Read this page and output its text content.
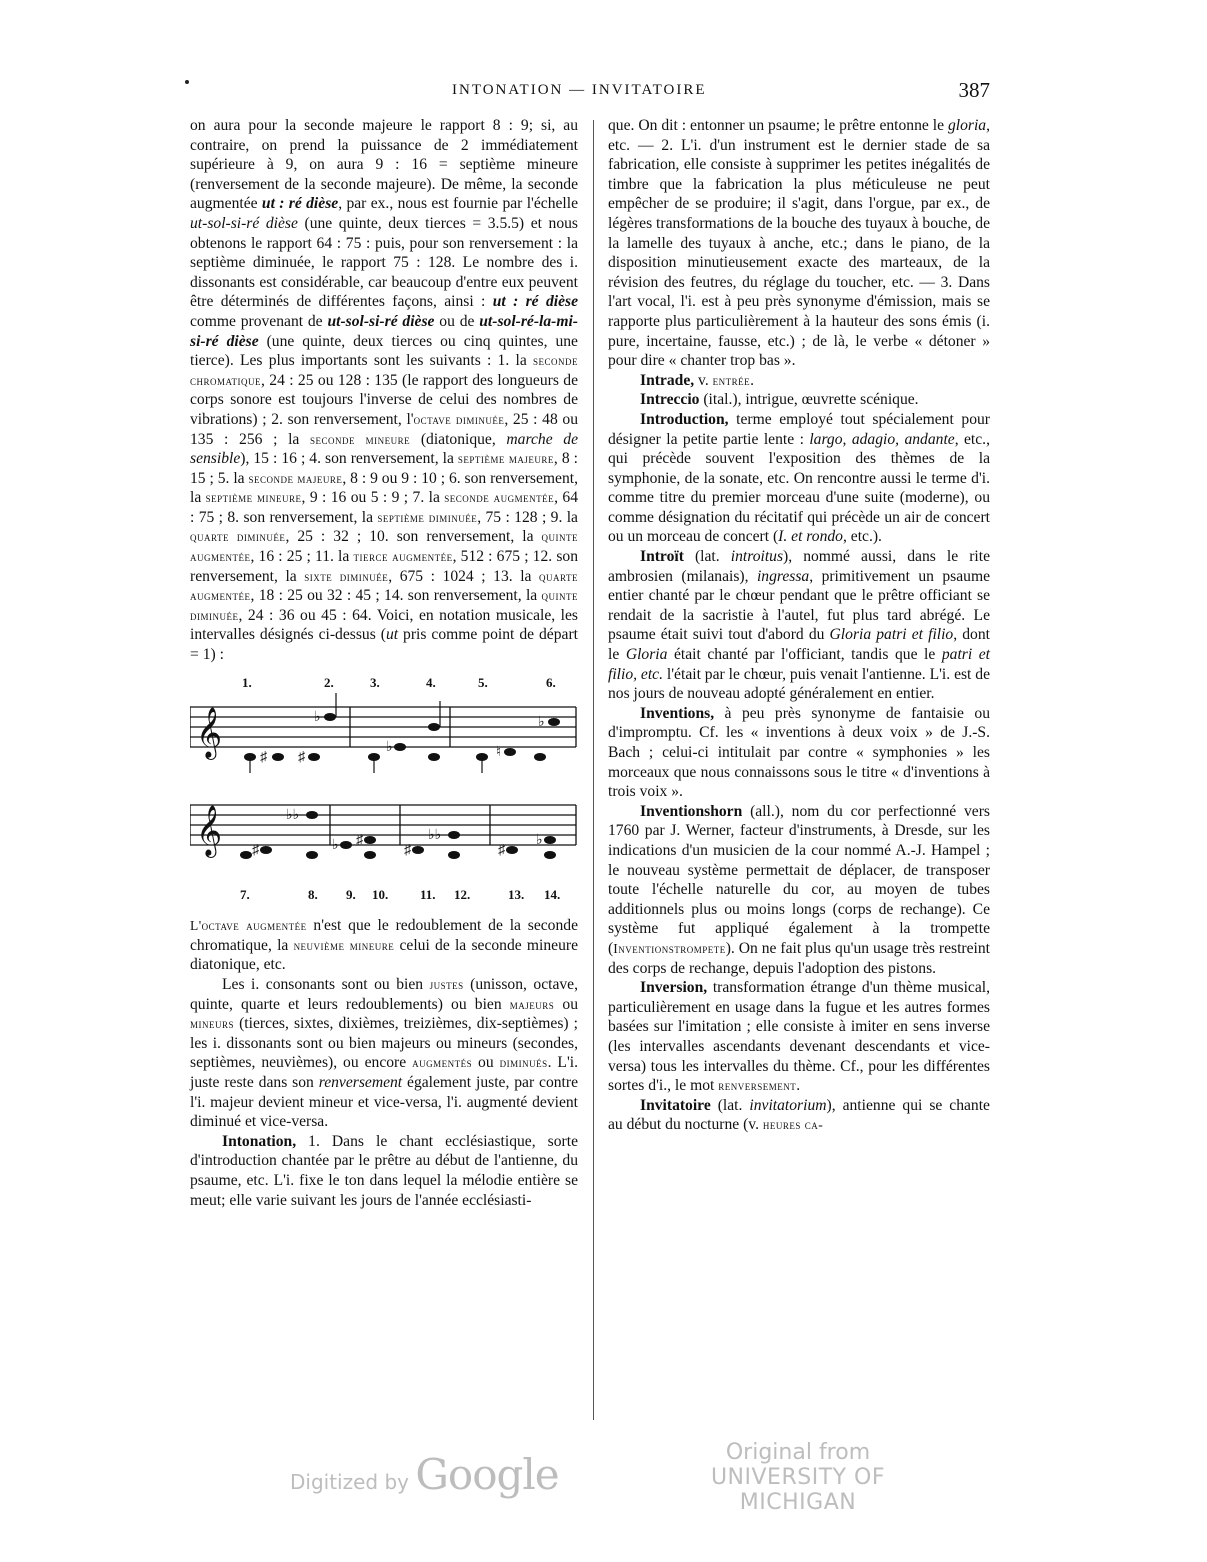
INTONATION — INVITATOIRE	387

on aura pour la seconde majeure le rapport 8 : 9; si, au contraire, on prend la puissance de 2 immédiatement supérieure à 9, on aura 9 : 16 = septième mineure (renversement de la seconde majeure). De même, la seconde augmentée ut : ré dièse, par ex., nous est fournie par l'échelle ut-sol-si-ré dièse (une quinte, deux tierces = 3.5.5) et nous obtenons le rapport 64 : 75 : puis, pour son renversement : la septième diminuée, le rapport 75 : 128. Le nombre des i. dissonants est considérable, car beaucoup d'entre eux peuvent être déterminés de différentes façons, ainsi : ut : ré dièse comme provenant de ut-sol-si-ré dièse ou de ut-sol-ré-la-mi-si-ré dièse (une quinte, deux tierces ou cinq quintes, une tierce). Les plus importants sont les suivants : 1. la seconde chromatique, 24 : 25 ou 128 : 135 (le rapport des longueurs de corps sonore est toujours l'inverse de celui des nombres de vibrations) ; 2. son renversement, l'octave diminuée, 25 : 48 ou 135 : 256 ; la seconde mineure (diatonique, marche de sensible), 15 : 16 ; 4. son renversement, la septième majeure, 8 : 15 ; 5. la seconde majeure, 8 : 9 ou 9 : 10 ; 6. son renversement, la septième mineure, 9 : 16 ou 5 : 9 ; 7. la seconde augmentée, 64 : 75 ; 8. son renversement, la septième diminuée, 75 : 128 ; 9. la quarte diminuée, 25 : 32 ; 10. son renversement, la quinte augmentée, 16 : 25 ; 11. la tierce augmentée, 512 : 675 ; 12. son renversement, la sixte diminuée, 675 : 1024 ; 13. la quarte augmentée, 18 : 25 ou 32 : 45 ; 14. son renversement, la quinte diminuée, 24 : 36 ou 45 : 64. Voici, en notation musicale, les intervalles désignés ci-dessus (ut pris comme point de départ = 1) :

1.	2.	3.	4.	5.	6.
𝄞	♯ ♯
♭
♭	♮
♭
𝄞 ♯
♭♭
♭ ♯
♯
♭♭
♯
♭
7.	8. 9. 10. 11. 12.	13. 14.

L'octave augmentée n'est que le redoublement de la seconde chromatique, la neuvième mineure celui de la seconde mineure diatonique, etc.

Les i. consonants sont ou bien justes (unisson, octave, quinte, quarte et leurs redoublements) ou bien majeurs ou mineurs (tierces, sixtes, dixièmes, treizièmes, dix-septièmes) ; les i. dissonants sont ou bien majeurs ou mineurs (secondes, septièmes, neuvièmes), ou encore augmentés ou diminués. L'i. juste reste dans son renversement également juste, par contre l'i. majeur devient mineur et vice-versa, l'i. augmenté devient diminué et vice-versa.

Intonation, 1. Dans le chant ecclésiastique, sorte d'introduction chantée par le prêtre au début de l'antienne, du psaume, etc. L'i. fixe le ton dans lequel la mélodie entière se meut; elle varie suivant les jours de l'année ecclésiasti-

que. On dit : entonner un psaume; le prêtre entonne le gloria, etc. — 2. L'i. d'un instrument est le dernier stade de sa fabrication, elle consiste à supprimer les petites inégalités de timbre que la fabrication la plus méticuleuse ne peut empêcher de se produire; il s'agit, dans l'orgue, par ex., de légères transformations de la bouche des tuyaux à bouche, de la lamelle des tuyaux à anche, etc.; dans le piano, de la disposition minutieusement exacte des marteaux, de la révision des feutres, du réglage du toucher, etc. — 3. Dans l'art vocal, l'i. est à peu près synonyme d'émission, mais se rapporte plus particulièrement à la hauteur des sons émis (i. pure, incertaine, fausse, etc.) ; de là, le verbe « détoner » pour dire « chanter trop bas ».

Intrade, v. entrée.

Intreccio (ital.), intrigue, œuvrette scénique.

Introduction, terme employé tout spécialement pour désigner la petite partie lente : largo, adagio, andante, etc., qui précède souvent l'exposition des thèmes de la symphonie, de la sonate, etc. On rencontre aussi le terme d'i. comme titre du premier morceau d'une suite (moderne), ou comme désignation du récitatif qui précède un air de concert ou un morceau de concert (I. et rondo, etc.).

Introït (lat. introitus), nommé aussi, dans le rite ambrosien (milanais), ingressa, primitivement un psaume entier chanté par le chœur pendant que le prêtre officiant se rendait de la sacristie à l'autel, fut plus tard abrégé. Le psaume était suivi tout d'abord du Gloria patri et filio, dont le Gloria était chanté par l'officiant, tandis que le patri et filio, etc. l'était par le chœur, puis venait l'antienne. L'i. est de nos jours de nouveau adopté généralement en entier.

Inventions, à peu près synonyme de fantaisie ou d'impromptu. Cf. les « inventions à deux voix » de J.-S. Bach ; celui-ci intitulait par contre « symphonies » les morceaux que nous connaissons sous le titre « d'inventions à trois voix ».

Inventionshorn (all.), nom du cor perfectionné vers 1760 par J. Werner, facteur d'instruments, à Dresde, sur les indications d'un musicien de la cour nommé A.-J. Hampel ; le nouveau système permettait de déplacer, de transposer toute l'échelle naturelle du cor, au moyen de tubes additionnels plus ou moins longs (corps de rechange). Ce système fut appliqué également à la trompette (Inventionstrompete). On ne fait plus qu'un usage très restreint des corps de rechange, depuis l'adoption des pistons.

Inversion, transformation étrange d'un thème musical, particulièrement en usage dans la fugue et les autres formes basées sur l'imitation ; elle consiste à imiter en sens inverse (les intervalles ascendants devenant descendants et vice-versa) tous les intervalles du thème. Cf., pour les différentes sortes d'i., le mot renversement.

Invitatoire (lat. invitatorium), antienne qui se chante au début du nocturne (v. heures ca-

Digitized by Google	Original from
UNIVERSITY OF MICHIGAN
